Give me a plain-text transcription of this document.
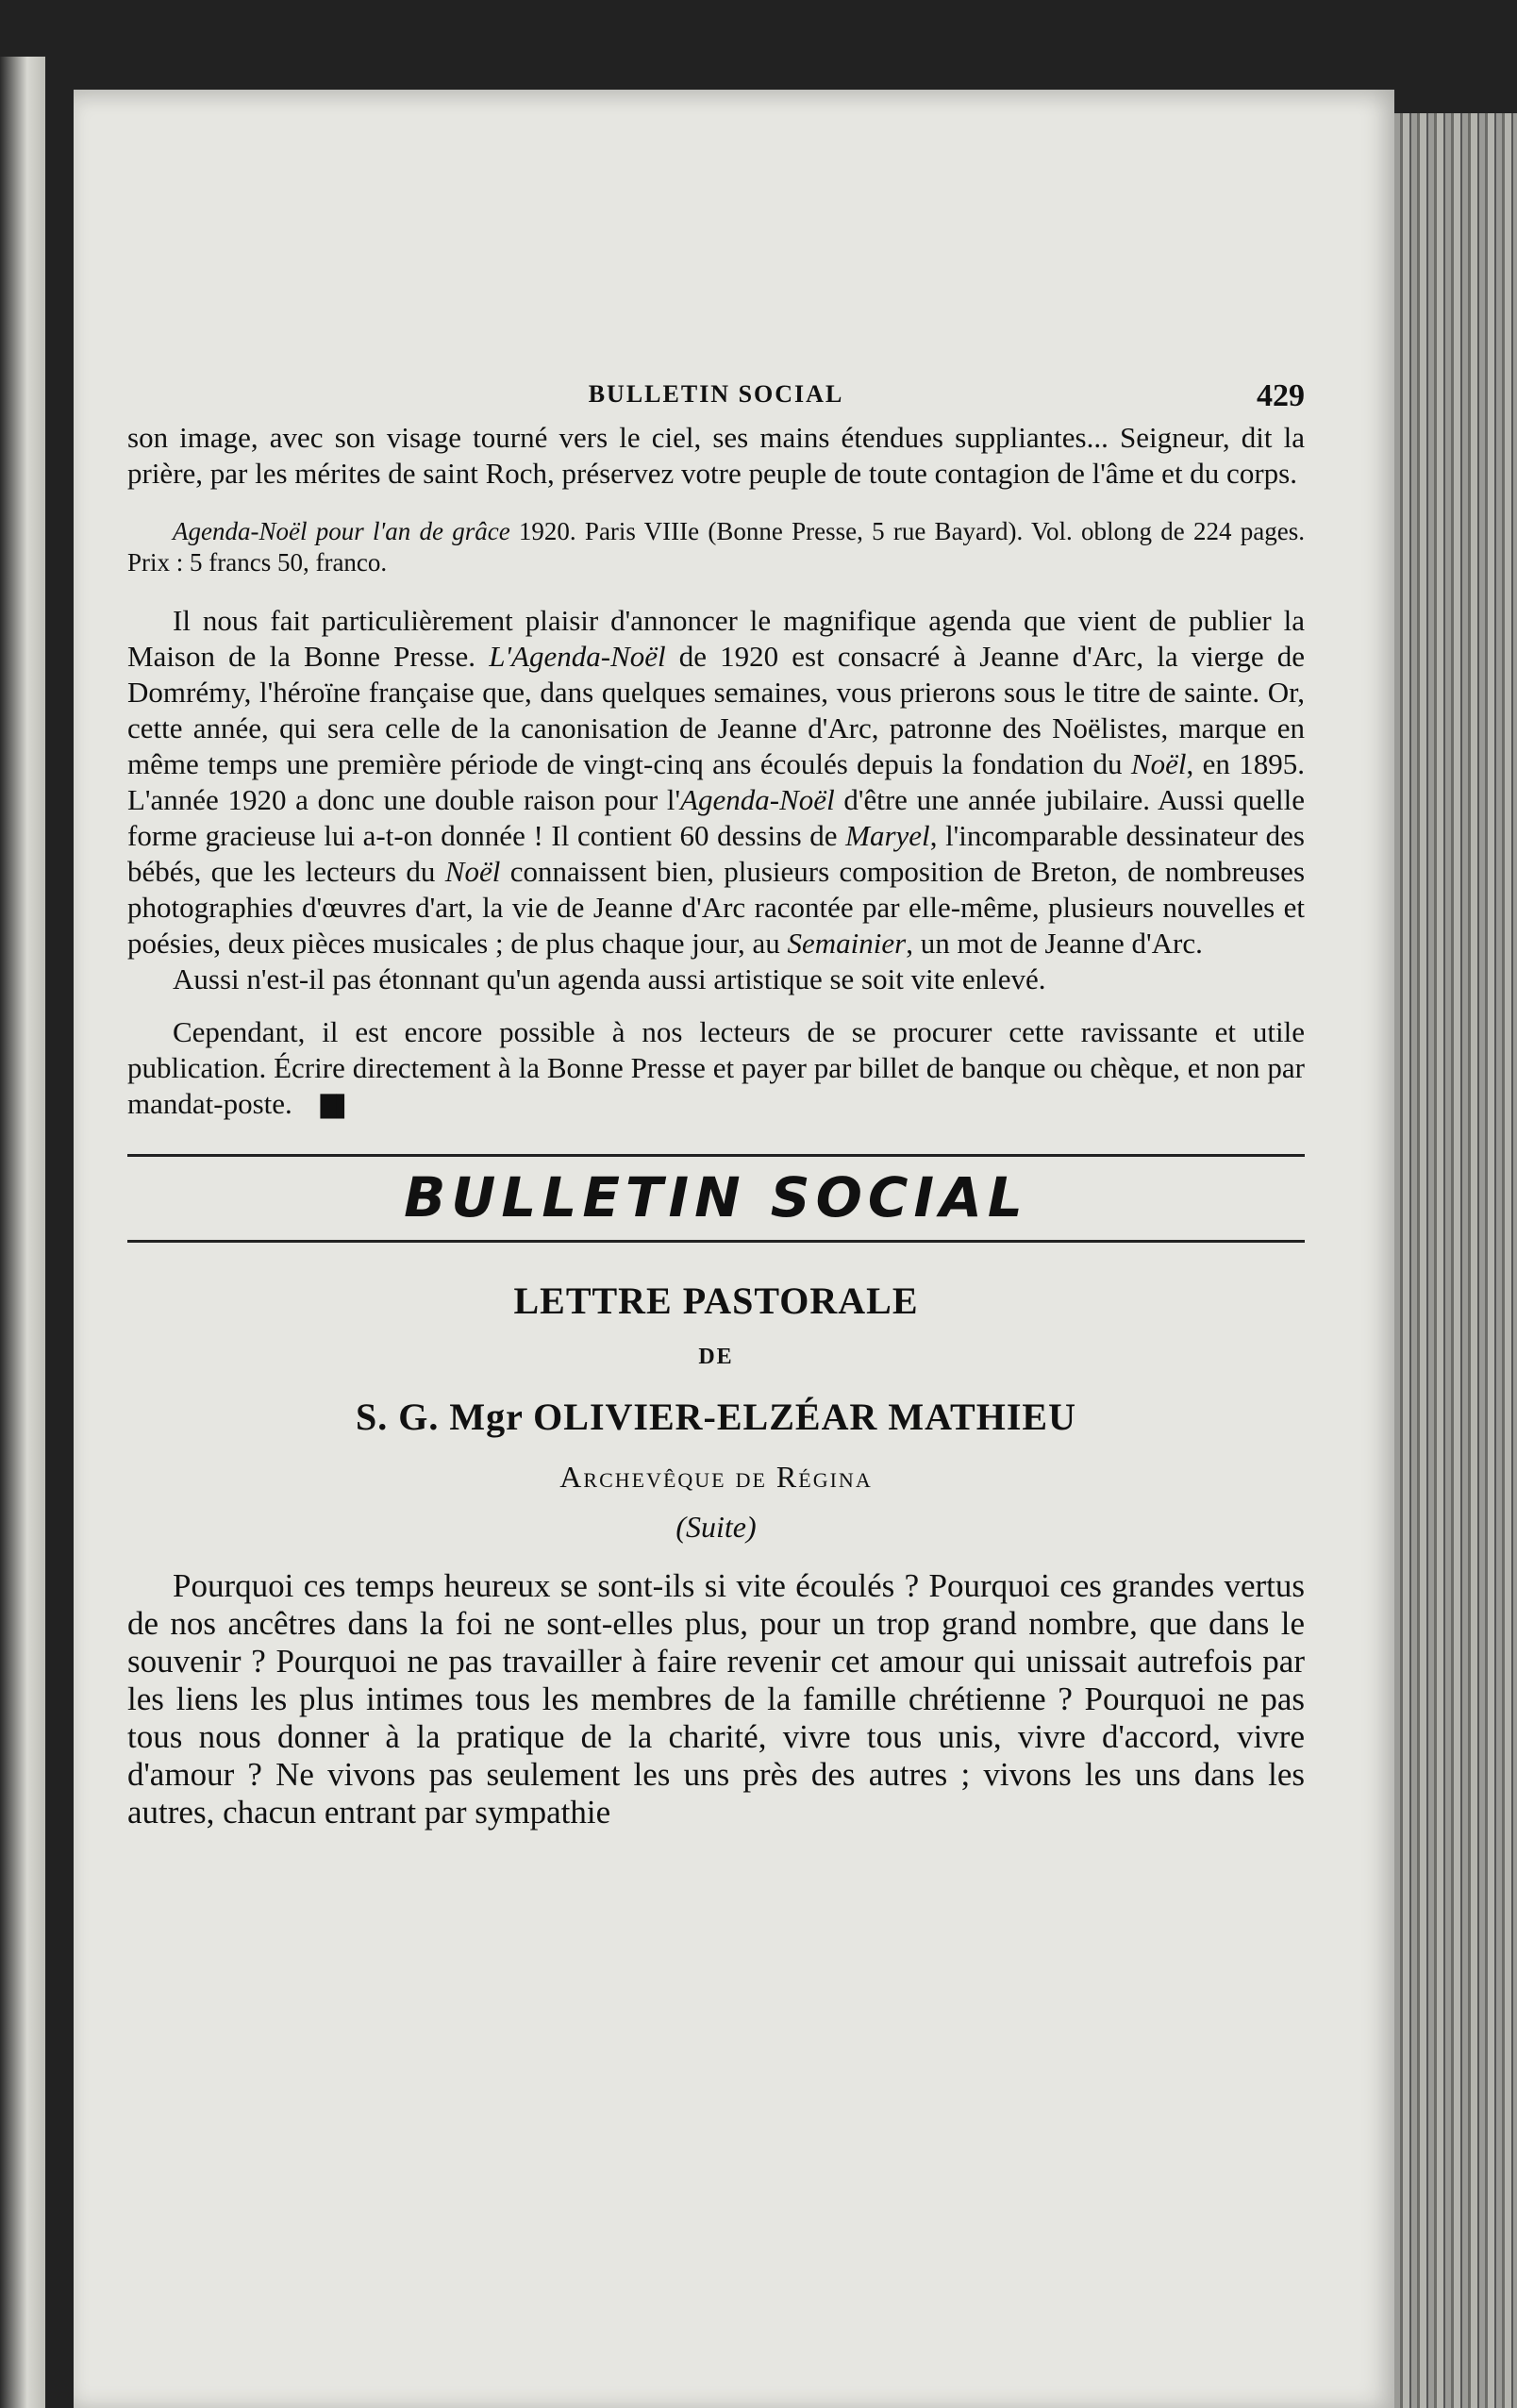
BULLETIN SOCIAL	429

son image, avec son visage tourné vers le ciel, ses mains étendues suppliantes... Seigneur, dit la prière, par les mérites de saint Roch, préservez votre peuple de toute contagion de l'âme et du corps.

Agenda-Noël pour l'an de grâce 1920. Paris VIIIe (Bonne Presse, 5 rue Bayard). Vol. oblong de 224 pages. Prix : 5 francs 50, franco.

Il nous fait particulièrement plaisir d'annoncer le magnifique agenda que vient de publier la Maison de la Bonne Presse. L'Agenda-Noël de 1920 est consacré à Jeanne d'Arc, la vierge de Domrémy, l'héroïne française que, dans quelques semaines, vous prierons sous le titre de sainte. Or, cette année, qui sera celle de la canonisation de Jeanne d'Arc, patronne des Noëlistes, marque en même temps une première période de vingt-cinq ans écoulés depuis la fondation du Noël, en 1895. L'année 1920 a donc une double raison pour l'Agenda-Noël d'être une année jubilaire. Aussi quelle forme gracieuse lui a-t-on donnée ! Il contient 60 dessins de Maryel, l'incomparable dessinateur des bébés, que les lecteurs du Noël connaissent bien, plusieurs composition de Breton, de nombreuses photographies d'œuvres d'art, la vie de Jeanne d'Arc racontée par elle-même, plusieurs nouvelles et poésies, deux pièces musicales ; de plus chaque jour, au Semainier, un mot de Jeanne d'Arc.

Aussi n'est-il pas étonnant qu'un agenda aussi artistique se soit vite enlevé.

Cependant, il est encore possible à nos lecteurs de se procurer cette ravissante et utile publication. Écrire directement à la Bonne Presse et payer par billet de banque ou chèque, et non par mandat-poste. █▌

BULLETIN SOCIAL
LETTRE PASTORALE
DE
S. G. Mgr OLIVIER-ELZÉAR MATHIEU
Archevêque de Régina
(Suite)

Pourquoi ces temps heureux se sont-ils si vite écoulés ? Pourquoi ces grandes vertus de nos ancêtres dans la foi ne sont-elles plus, pour un trop grand nombre, que dans le souvenir ? Pourquoi ne pas travailler à faire revenir cet amour qui unissait autrefois par les liens les plus intimes tous les membres de la famille chrétienne ? Pourquoi ne pas tous nous donner à la pratique de la charité, vivre tous unis, vivre d'accord, vivre d'amour ? Ne vivons pas seulement les uns près des autres ; vivons les uns dans les autres, chacun entrant par sympathie
